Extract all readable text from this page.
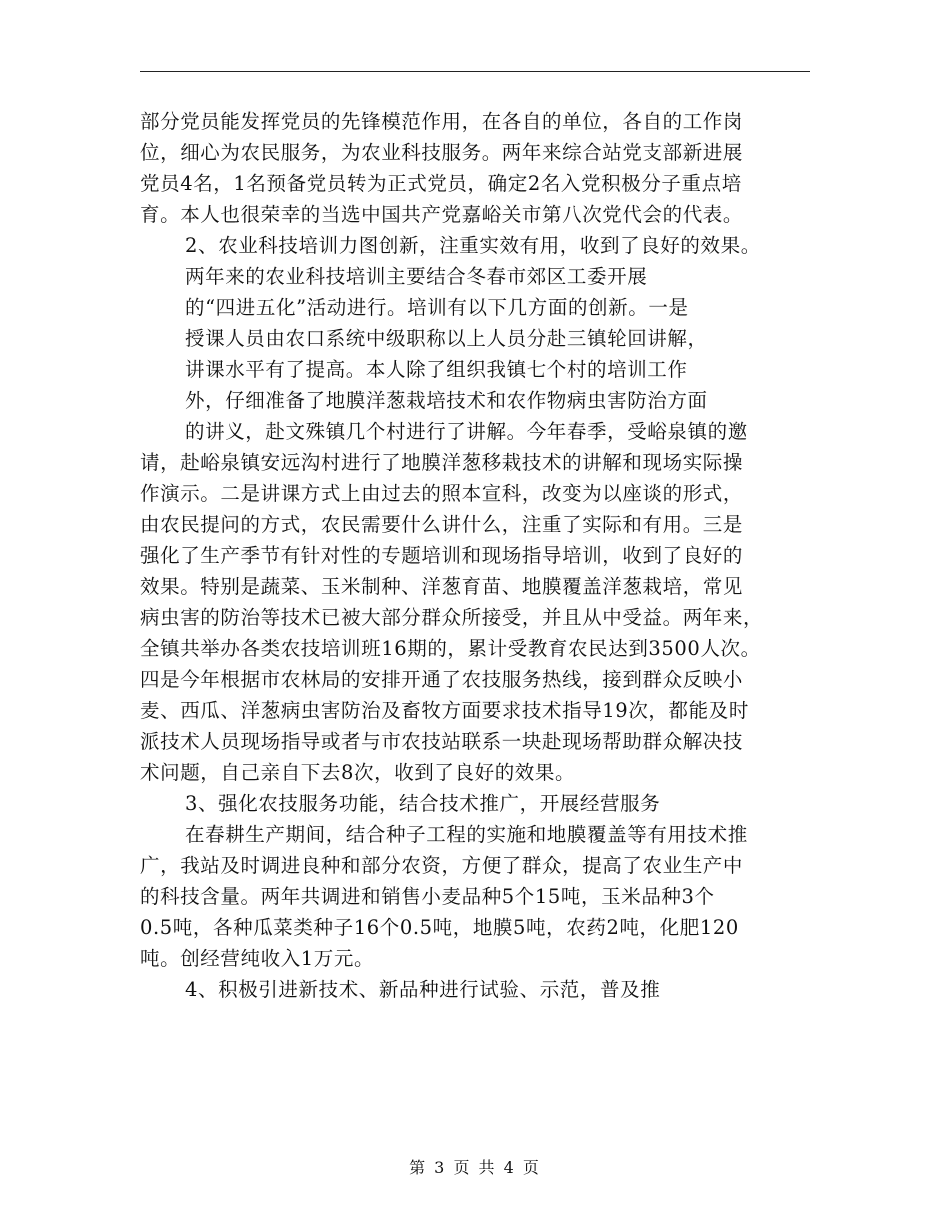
部分党员能发挥党员的先锋模范作用，在各自的单位，各自的工作岗
位，细心为农民服务，为农业科技服务。两年来综合站党支部新进展
党员4名，1名预备党员转为正式党员，确定2名入党积极分子重点培
育。本人也很荣幸的当选中国共产党嘉峪关市第八次党代会的代表。
2、农业科技培训力图创新，注重实效有用，收到了良好的效果。
两年来的农业科技培训主要结合冬春市郊区工委开展
的“四进五化”活动进行。培训有以下几方面的创新。一是
授课人员由农口系统中级职称以上人员分赴三镇轮回讲解，
讲课水平有了提高。本人除了组织我镇七个村的培训工作
外，仔细准备了地膜洋葱栽培技术和农作物病虫害防治方面
的讲义，赴文殊镇几个村进行了讲解。今年春季，受峪泉镇的邀
请，赴峪泉镇安远沟村进行了地膜洋葱移栽技术的讲解和现场实际操
作演示。二是讲课方式上由过去的照本宣科，改变为以座谈的形式，
由农民提问的方式，农民需要什么讲什么，注重了实际和有用。三是
强化了生产季节有针对性的专题培训和现场指导培训，收到了良好的
效果。特别是蔬菜、玉米制种、洋葱育苗、地膜覆盖洋葱栽培，常见
病虫害的防治等技术已被大部分群众所接受，并且从中受益。两年来，
全镇共举办各类农技培训班16期的，累计受教育农民达到3500人次。
四是今年根据市农林局的安排开通了农技服务热线，接到群众反映小
麦、西瓜、洋葱病虫害防治及畜牧方面要求技术指导19次，都能及时
派技术人员现场指导或者与市农技站联系一块赴现场帮助群众解决技
术问题，自己亲自下去8次，收到了良好的效果。
3、强化农技服务功能，结合技术推广，开展经营服务
在春耕生产期间，结合种子工程的实施和地膜覆盖等有用技术推
广，我站及时调进良种和部分农资，方便了群众，提高了农业生产中
的科技含量。两年共调进和销售小麦品种5个15吨，玉米品种3个
0.5吨，各种瓜菜类种子16个0.5吨，地膜5吨，农药2吨，化肥120
吨。创经营纯收入1万元。
4、积极引进新技术、新品种进行试验、示范，普及推
第 3 页 共 4 页
